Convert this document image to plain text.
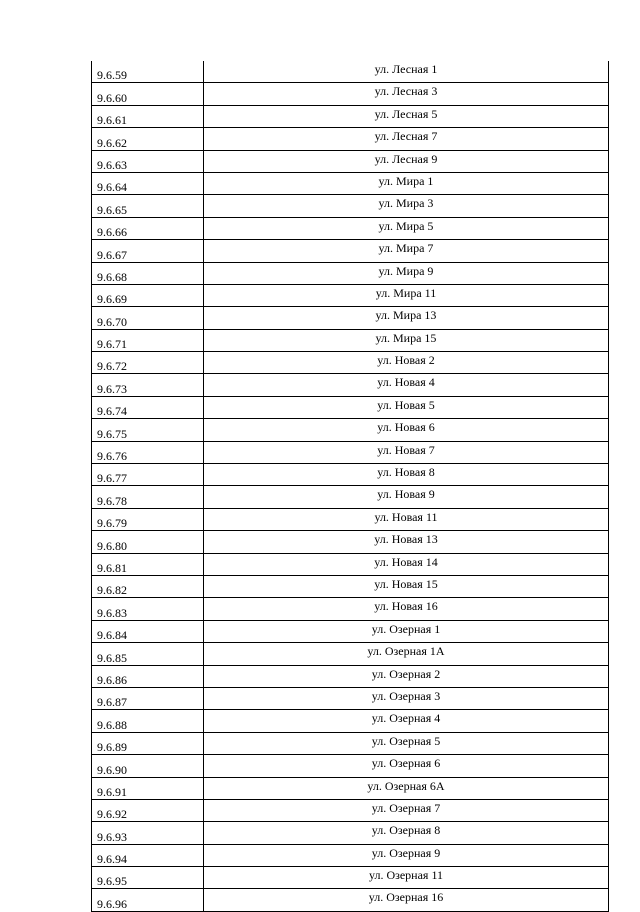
9.6.59	ул. Лесная 1
9.6.60	ул. Лесная 3
9.6.61	ул. Лесная 5
9.6.62	ул. Лесная 7
9.6.63	ул. Лесная 9
9.6.64	ул. Мира 1
9.6.65	ул. Мира 3
9.6.66	ул. Мира 5
9.6.67	ул. Мира 7
9.6.68	ул. Мира 9
9.6.69	ул. Мира 11
9.6.70	ул. Мира 13
9.6.71	ул. Мира 15
9.6.72	ул. Новая 2
9.6.73	ул. Новая 4
9.6.74	ул. Новая 5
9.6.75	ул. Новая 6
9.6.76	ул. Новая 7
9.6.77	ул. Новая 8
9.6.78	ул. Новая 9
9.6.79	ул. Новая 11
9.6.80	ул. Новая 13
9.6.81	ул. Новая 14
9.6.82	ул. Новая 15
9.6.83	ул. Новая 16
9.6.84	ул. Озерная 1
9.6.85	ул. Озерная 1А
9.6.86	ул. Озерная 2
9.6.87	ул. Озерная 3
9.6.88	ул. Озерная 4
9.6.89	ул. Озерная 5
9.6.90	ул. Озерная 6
9.6.91	ул. Озерная 6А
9.6.92	ул. Озерная 7
9.6.93	ул. Озерная 8
9.6.94	ул. Озерная 9
9.6.95	ул. Озерная 11
9.6.96	ул. Озерная 16
